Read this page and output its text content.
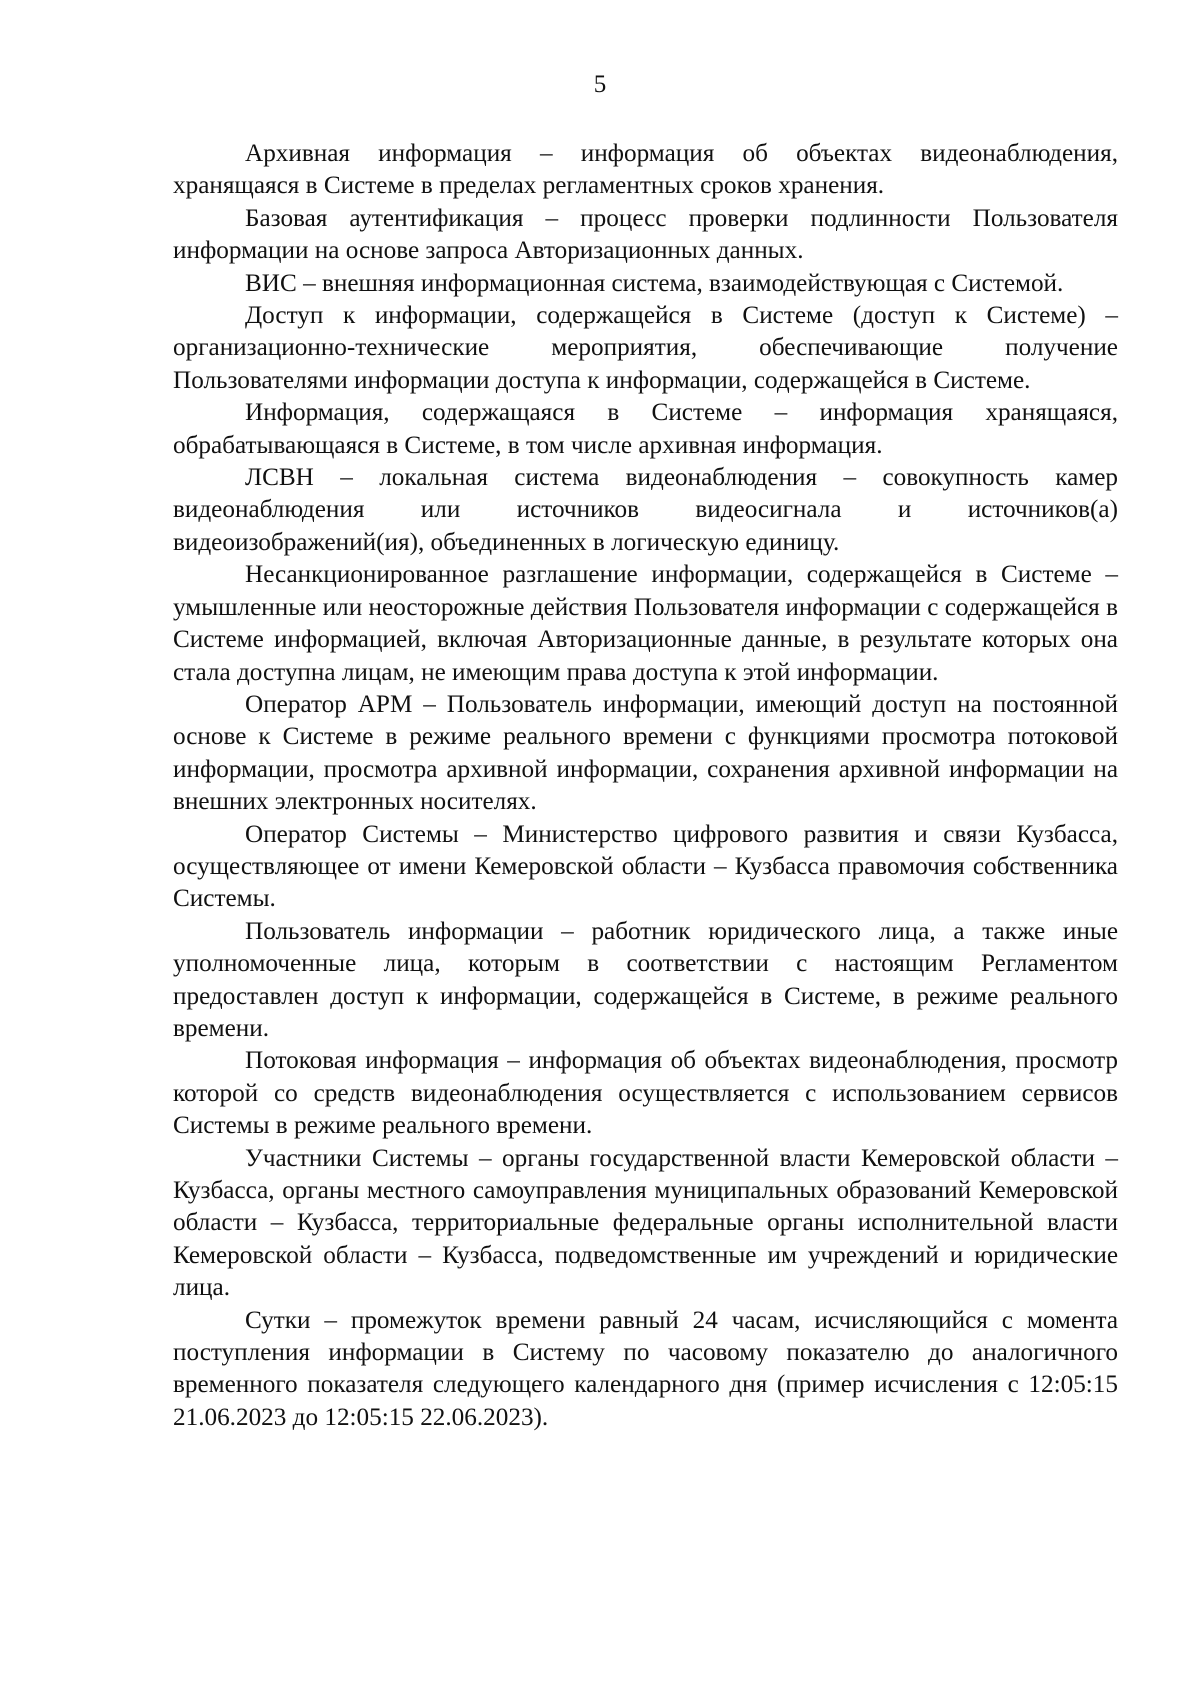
5

Архивная информация – информация об объектах видеонаблюдения, хранящаяся в Системе в пределах регламентных сроков хранения.

Базовая аутентификация – процесс проверки подлинности Пользователя информации на основе запроса Авторизационных данных.

ВИС – внешняя информационная система, взаимодействующая с Системой.

Доступ к информации, содержащейся в Системе (доступ к Системе) – организационно-технические мероприятия, обеспечивающие получение Пользователями информации доступа к информации, содержащейся в Системе.

Информация, содержащаяся в Системе – информация хранящаяся, обрабатывающаяся в Системе, в том числе архивная информация.

ЛСВН – локальная система видеонаблюдения – совокупность камер видеонаблюдения или источников видеосигнала и источников(а) видеоизображений(ия), объединенных в логическую единицу.

Несанкционированное разглашение информации, содержащейся в Системе – умышленные или неосторожные действия Пользователя информации с содержащейся в Системе информацией, включая Авторизационные данные, в результате которых она стала доступна лицам, не имеющим права доступа к этой информации.

Оператор АРМ – Пользователь информации, имеющий доступ на постоянной основе к Системе в режиме реального времени с функциями просмотра потоковой информации, просмотра архивной информации, сохранения архивной информации на внешних электронных носителях.

Оператор Системы – Министерство цифрового развития и связи Кузбасса, осуществляющее от имени Кемеровской области – Кузбасса правомочия собственника Системы.

Пользователь информации – работник юридического лица, а также иные уполномоченные лица, которым в соответствии с настоящим Регламентом предоставлен доступ к информации, содержащейся в Системе, в режиме реального времени.

Потоковая информация – информация об объектах видеонаблюдения, просмотр которой со средств видеонаблюдения осуществляется с использованием сервисов Системы в режиме реального времени.

Участники Системы – органы государственной власти Кемеровской области – Кузбасса, органы местного самоуправления муниципальных образований Кемеровской области – Кузбасса, территориальные федеральные органы исполнительной власти Кемеровской области – Кузбасса, подведомственные им учреждений и юридические лица.

Сутки – промежуток времени равный 24 часам, исчисляющийся с момента поступления информации в Систему по часовому показателю до аналогичного временного показателя следующего календарного дня (пример исчисления с 12:05:15 21.06.2023 до 12:05:15 22.06.2023).
